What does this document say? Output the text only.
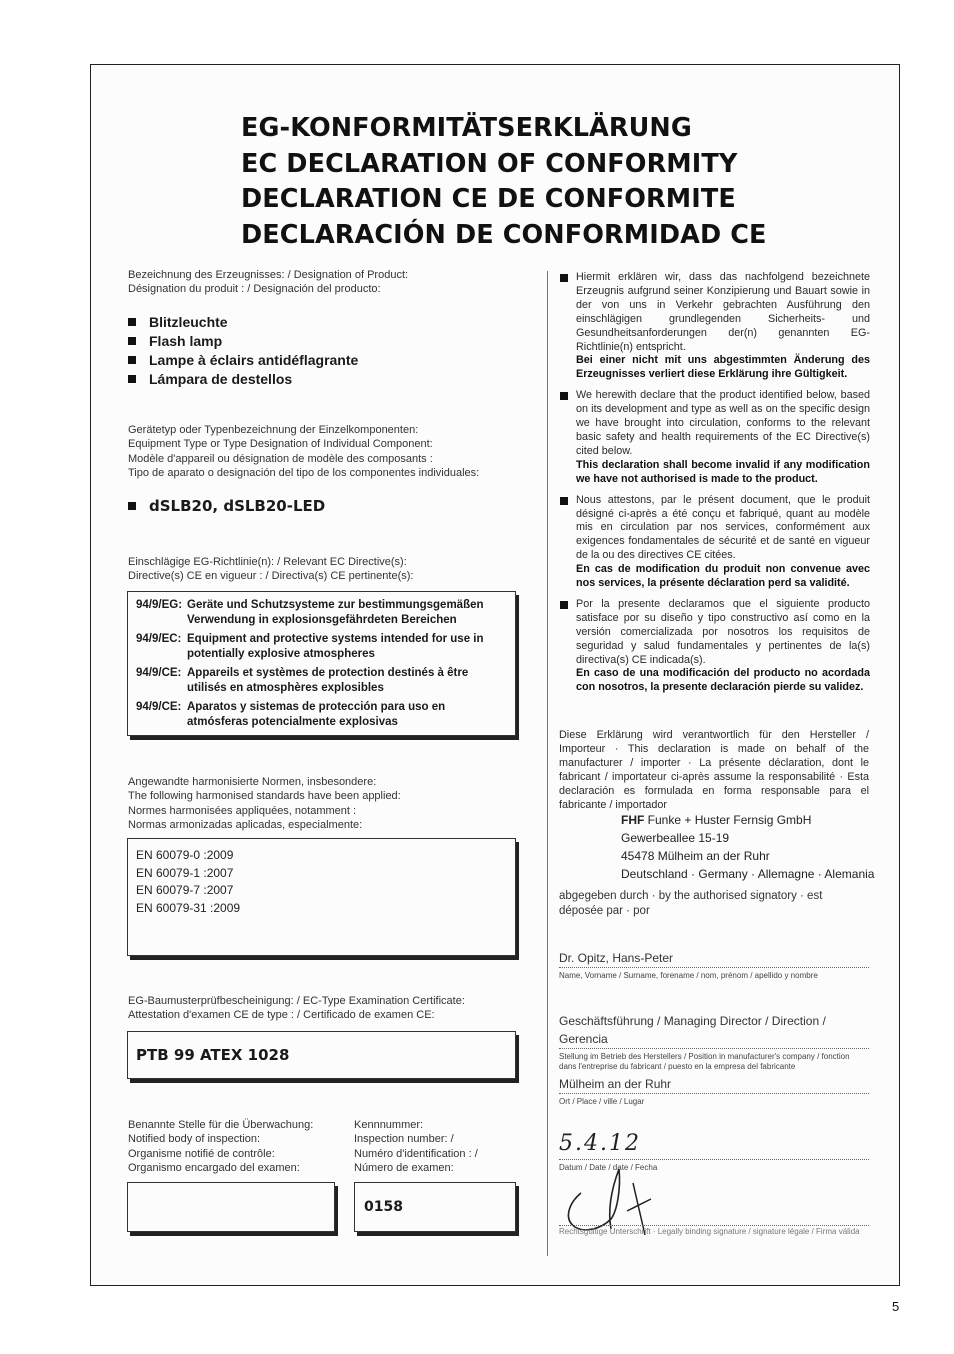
EG-KONFORMITÄTSERKLÄRUNG
EC DECLARATION OF CONFORMITY
DECLARATION CE DE CONFORMITE
DECLARACIÓN DE CONFORMIDAD CE
Bezeichnung des Erzeugnisses: / Designation of Product:
Désignation du produit : / Designación del producto:
Blitzleuchte
Flash lamp
Lampe à éclairs antidéflagrante
Lámpara de destellos
Gerätetyp oder Typenbezeichnung der Einzelkomponenten:
Equipment Type or Type Designation of Individual Component:
Modèle d'appareil ou désignation de modèle des composants :
Tipo de aparato o designación del tipo de los componentes individuales:
dSLB20, dSLB20-LED
Einschlägige EG-Richtlinie(n): / Relevant EC Directive(s):
Directive(s) CE en vigueur : / Directiva(s) CE pertinente(s):
94/9/EG: Geräte und Schutzsysteme zur bestimmungsgemäßen Verwendung in explosionsgefährdeten Bereichen
94/9/EC: Equipment and protective systems intended for use in potentially explosive atmospheres
94/9/CE: Appareils et systèmes de protection destinés à être utilisés en atmosphères explosibles
94/9/CE: Aparatos y sistemas de protección para uso en atmósferas potencialmente explosivas
Angewandte harmonisierte Normen, insbesondere:
The following harmonised standards have been applied:
Normes harmonisées appliquées, notamment :
Normas armonizadas aplicadas, especialmente:
EN 60079-0 :2009
EN 60079-1 :2007
EN 60079-7 :2007
EN 60079-31 :2009
EG-Baumusterprüfbescheinigung: / EC-Type Examination Certificate:
Attestation d'examen CE de type : / Certificado de examen CE:
PTB 99 ATEX 1028
Benannte Stelle für die Überwachung:
Notified body of inspection:
Organisme notifié de contrôle:
Organismo encargado del examen:
Kennnummer:
Inspection number: /
Numéro d'identification : /
Número de examen:
0158
Hiermit erklären wir, dass das nachfolgend bezeichnete Erzeugnis aufgrund seiner Konzipierung und Bauart sowie in der von uns in Verkehr gebrachten Ausführung den einschlägigen grundlegenden Sicherheits- und Gesundheitsanforderungen der(n) genannten EG-Richtlinie(n) entspricht.
Bei einer nicht mit uns abgestimmten Änderung des Erzeugnisses verliert diese Erklärung ihre Gültigkeit.
We herewith declare that the product identified below, based on its development and type as well as on the specific design we have brought into circulation, conforms to the relevant basic safety and health requirements of the EC Directive(s) cited below.
This declaration shall become invalid if any modification we have not authorised is made to the product.
Nous attestons, par le présent document, que le produit désigné ci-après a été conçu et fabriqué, quant au modèle mis en circulation par nos services, conformément aux exigences fondamentales de sécurité et de santé en vigueur de la ou des directives CE citées.
En cas de modification du produit non convenue avec nos services, la présente déclaration perd sa validité.
Por la presente declaramos que el siguiente producto satisface por su diseño y tipo constructivo así como en la versión comercializada por nosotros los requisitos de seguridad y salud fundamentales y pertinentes de la(s) directiva(s) CE indicada(s).
En caso de una modificación del producto no acordada con nosotros, la presente declaración pierde su validez.
Diese Erklärung wird verantwortlich für den Hersteller / Importeur · This declaration is made on behalf of the manufacturer / importer · La présente déclaration, dont le fabricant / importateur ci-après assume la responsabilité · Esta declaración es formulada en forma responsable para el fabricante / importador
FHF Funke + Huster Fernsig GmbH
Gewerbeallee 15-19
45478 Mülheim an der Ruhr
Deutschland · Germany · Allemagne · Alemania
abgegeben durch · by the authorised signatory · est déposée par · por
Dr. Opitz, Hans-Peter
Name, Vorname / Surname, forename / nom, prénom / apellido y nombre
Geschäftsführung / Managing Director / Direction / Gerencia
Stellung im Betrieb des Herstellers / Position in manufacturer's company / fonction dans l'entreprise du fabricant / puesto en la empresa del fabricante
Mülheim an der Ruhr
Ort / Place / ville / Lugar
5.4.12
Datum / Date / date / Fecha
Rechtsgültige Unterschrift · Legally binding signature / signature légale / Firma válida
5
